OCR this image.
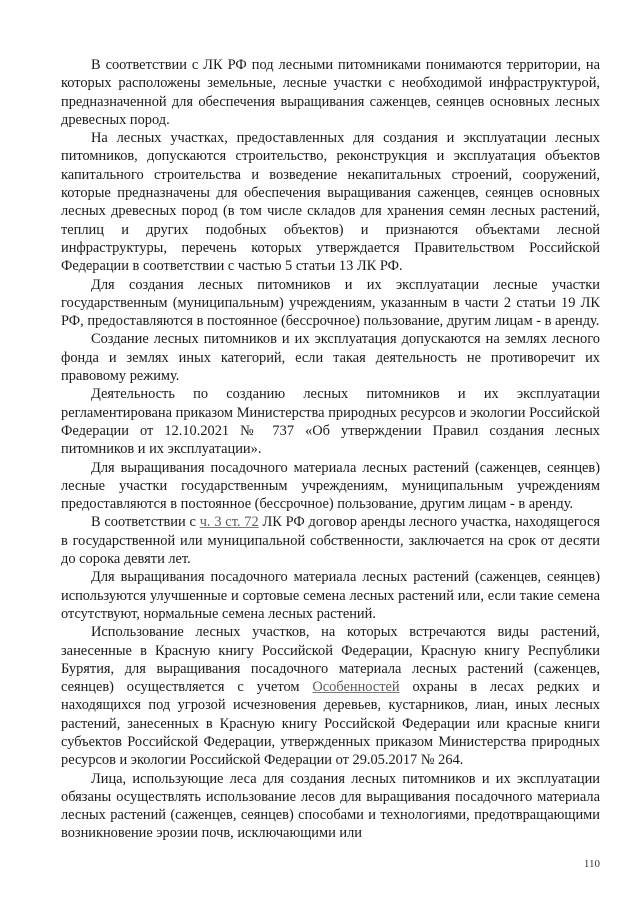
В соответствии с ЛК РФ под лесными питомниками понимаются территории, на которых расположены земельные, лесные участки с необходимой инфраструктурой, предназначенной для обеспечения выращивания саженцев, сеянцев основных лесных древесных пород.

На лесных участках, предоставленных для создания и эксплуатации лесных питомников, допускаются строительство, реконструкция и эксплуатация объектов капитального строительства и возведение некапитальных строений, сооружений, которые предназначены для обеспечения выращивания саженцев, сеянцев основных лесных древесных пород (в том числе складов для хранения семян лесных растений, теплиц и других подобных объектов) и признаются объектами лесной инфраструктуры, перечень которых утверждается Правительством Российской Федерации в соответствии с частью 5 статьи 13 ЛК РФ.

Для создания лесных питомников и их эксплуатации лесные участки государственным (муниципальным) учреждениям, указанным в части 2 статьи 19 ЛК РФ, предоставляются в постоянное (бессрочное) пользование, другим лицам - в аренду.

Создание лесных питомников и их эксплуатация допускаются на землях лесного фонда и землях иных категорий, если такая деятельность не противоречит их правовому режиму.

Деятельность по созданию лесных питомников и их эксплуатации регламентирована приказом Министерства природных ресурсов и экологии Российской Федерации от 12.10.2021 № 737 «Об утверждении Правил создания лесных питомников и их эксплуатации».

Для выращивания посадочного материала лесных растений (саженцев, сеянцев) лесные участки государственным учреждениям, муниципальным учреждениям предоставляются в постоянное (бессрочное) пользование, другим лицам - в аренду.

В соответствии с ч. 3 ст. 72 ЛК РФ договор аренды лесного участка, находящегося в государственной или муниципальной собственности, заключается на срок от десяти до сорока девяти лет.

Для выращивания посадочного материала лесных растений (саженцев, сеянцев) используются улучшенные и сортовые семена лесных растений или, если такие семена отсутствуют, нормальные семена лесных растений.

Использование лесных участков, на которых встречаются виды растений, занесенные в Красную книгу Российской Федерации, Красную книгу Республики Бурятия, для выращивания посадочного материала лесных растений (саженцев, сеянцев) осуществляется с учетом Особенностей охраны в лесах редких и находящихся под угрозой исчезновения деревьев, кустарников, лиан, иных лесных растений, занесенных в Красную книгу Российской Федерации или красные книги субъектов Российской Федерации, утвержденных приказом Министерства природных ресурсов и экологии Российской Федерации от 29.05.2017 № 264.

Лица, использующие леса для создания лесных питомников и их эксплуатации обязаны осуществлять использование лесов для выращивания посадочного материала лесных растений (саженцев, сеянцев) способами и технологиями, предотвращающими возникновение эрозии почв, исключающими или

110
